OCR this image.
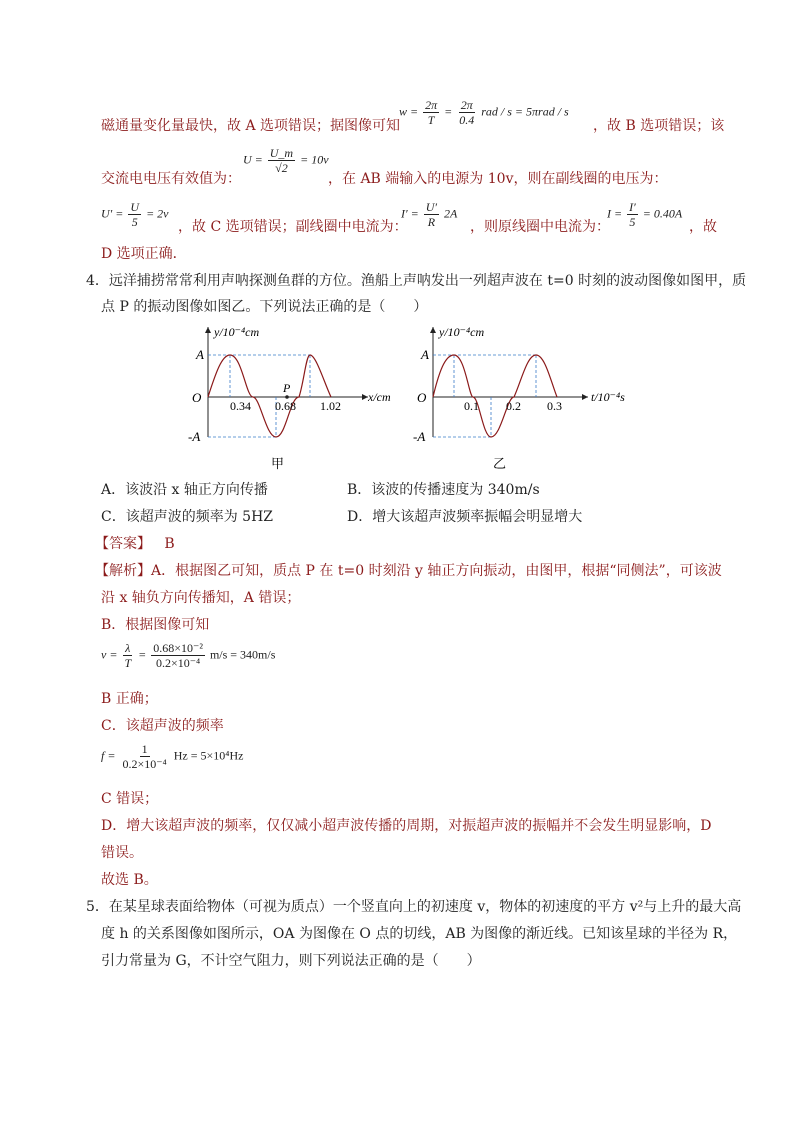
磁通量变化量最快，故 A 选项错误；据图像可知
$w = \frac{2\pi}{T} = \frac{2\pi}{0.4}$ rad / s = 5πrad / s
，故 B 选项错误；该
$U = \frac{U\_m}{√2} = 10v$
交流电电压有效值为：	，在 AB 端输入的电源为 10v，则在副线圈的电压为：
$U' = \frac{U}{5} = 2v$
，故 C 选项错误；副线圈中电流为：
$I' = \frac{U'}{R} 2A$
，则原线圈中电流为：
$I = \frac{I'}{5} = 0.40A$
，故
D 选项正确．
4．远洋捕捞常常利用声呐探测鱼群的方位。渔船上声呐发出一列超声波在 t=0 时刻的波动图像如图甲，质
点 P 的振动图像如图乙。下列说法正确的是（　　）
O
A
-A
y/10⁻⁴cm
x/cm
P
0.34 0.68 1.02
甲
O
A
-A
y/10⁻⁴cm
t/10⁻⁴s
0.1 0.2 0.3
乙
A．该波沿 x 轴正方向传播	B．该波的传播速度为 340m/s
C．该超声波的频率为 5HZ	D．增大该超声波频率振幅会明显增大
【答案】 B
【解析】A．根据图乙可知，质点 P 在 t=0 时刻沿 y 轴正方向振动，由图甲，根据“同侧法”，可该波
沿 x 轴负方向传播知，A 错误；
B．根据图像可知
$v = \frac{\lambda}{T} = \frac{\text{0.68×10⁻²}}{\text{0.2×10⁻⁴}} m/s = 340m/s$
B 正确；
C．该超声波的频率
$f = \frac{1}{\text{0.2×10⁻⁴}}$ Hz = 5×10⁴Hz
C 错误；
D．增大该超声波的频率，仅仅减小超声波传播的周期，对振超声波的振幅并不会发生明显影响，D
错误。
故选 B。
5．在某星球表面给物体（可视为质点）一个竖直向上的初速度 v，物体的初速度的平方 v²与上升的最大高
度 h 的关系图像如图所示，OA 为图像在 O 点的切线，AB 为图像的渐近线。已知该星球的半径为 R，
引力常量为 G，不计空气阻力，则下列说法正确的是（　　）
